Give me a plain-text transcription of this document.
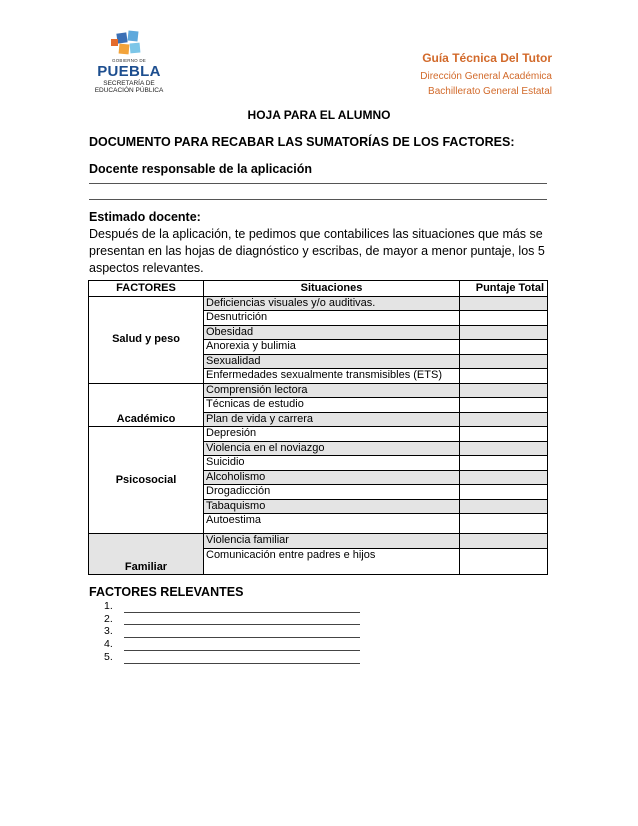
GOBIERNO DE
PUEBLA
SECRETARÍA DE
EDUCACIÓN PÚBLICA
Guía Técnica Del Tutor
Dirección General Académica
Bachillerato General Estatal
HOJA PARA EL ALUMNO
DOCUMENTO PARA RECABAR LAS SUMATORÍAS DE LOS FACTORES:
Docente responsable de la aplicación
Estimado docente:
Después de la aplicación, te pedimos que contabilices las situaciones que más se presentan en las hojas de diagnóstico y escribas, de mayor a menor puntaje, los 5 aspectos relevantes.
FACTORES	Situaciones	Puntaje Total
Salud y peso	Deficiencias visuales y/o auditivas.	
	Desnutrición	
	Obesidad	
	Anorexia y bulimia	
	Sexualidad	
	Enfermedades sexualmente transmisibles (ETS)	
Académico	Comprensión lectora	
	Técnicas de estudio	
	Plan de vida y carrera	
Psicosocial	Depresión	
	Violencia en el noviazgo	
	Suicidio	
	Alcoholismo	
	Drogadicción	
	Tabaquismo	
	Autoestima	
Familiar	Violencia familiar	
	Comunicación entre padres e hijos	
FACTORES RELEVANTES
1.
2.
3.
4.
5.
